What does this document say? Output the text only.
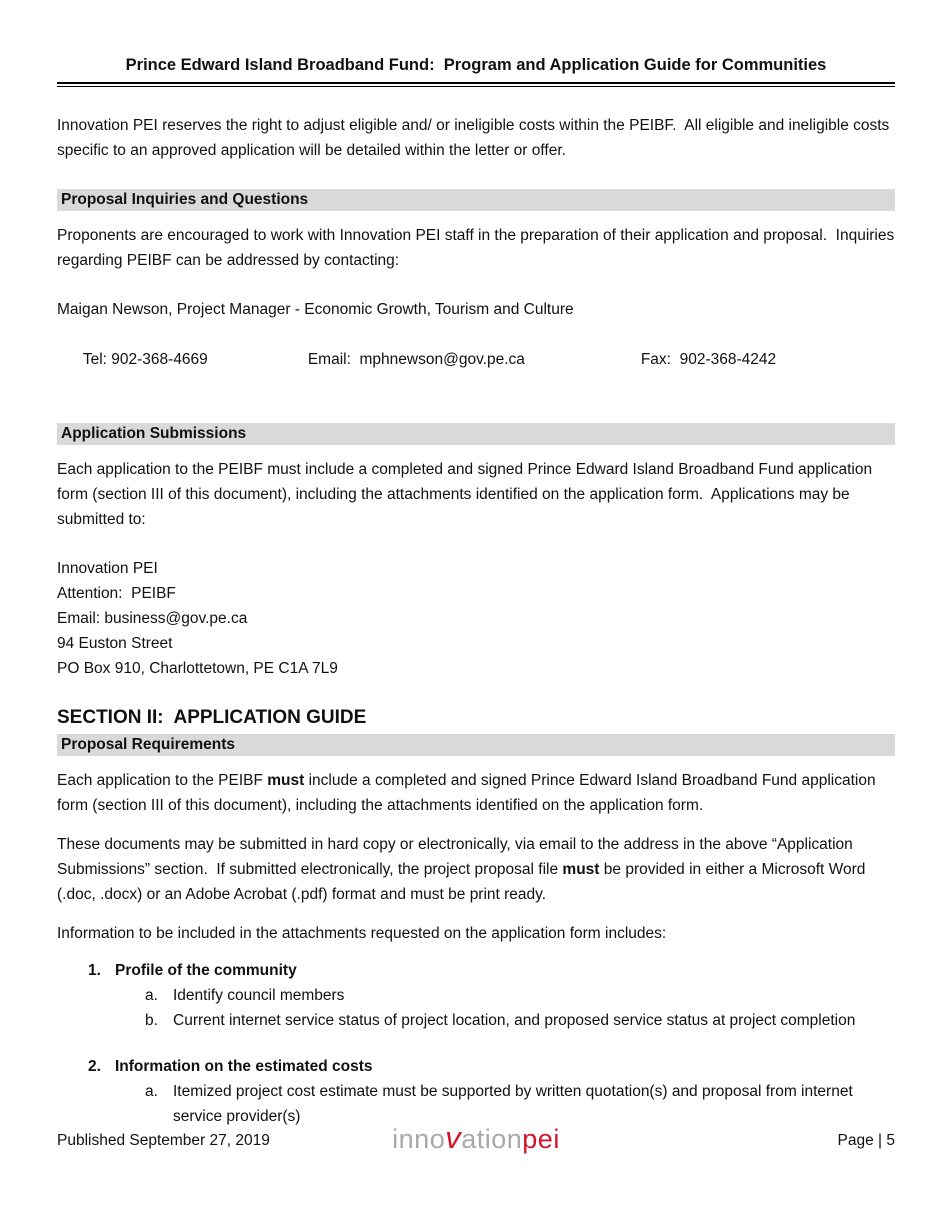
Prince Edward Island Broadband Fund:  Program and Application Guide for Communities

Innovation PEI reserves the right to adjust eligible and/ or ineligible costs within the PEIBF.  All eligible and ineligible costs specific to an approved application will be detailed within the letter or offer.

Proposal Inquiries and Questions

Proponents are encouraged to work with Innovation PEI staff in the preparation of their application and proposal.  Inquiries regarding PEIBF can be addressed by contacting:

Maigan Newson, Project Manager - Economic Growth, Tourism and Culture

Tel: 902-368-4669	Email:  mphnewson@gov.pe.ca	Fax:  902-368-4242

Application Submissions

Each application to the PEIBF must include a completed and signed Prince Edward Island Broadband Fund application form (section III of this document), including the attachments identified on the application form.  Applications may be submitted to:

Innovation PEI
Attention:  PEIBF
Email: business@gov.pe.ca
94 Euston Street
PO Box 910, Charlottetown, PE C1A 7L9
SECTION II:  APPLICATION GUIDE
Proposal Requirements

Each application to the PEIBF must include a completed and signed Prince Edward Island Broadband Fund application form (section III of this document), including the attachments identified on the application form.

These documents may be submitted in hard copy or electronically, via email to the address in the above “Application Submissions” section.  If submitted electronically, the project proposal file must be provided in either a Microsoft Word (.doc, .docx) or an Adobe Acrobat (.pdf) format and must be print ready.

Information to be included in the attachments requested on the application form includes:

1. Profile of the community
a. Identify council members
b. Current internet service status of project location, and proposed service status at project completion
2. Information on the estimated costs
a. Itemized project cost estimate must be supported by written quotation(s) and proposal from internet service provider(s)
Published September 27, 2019	innovationpei	Page | 5
